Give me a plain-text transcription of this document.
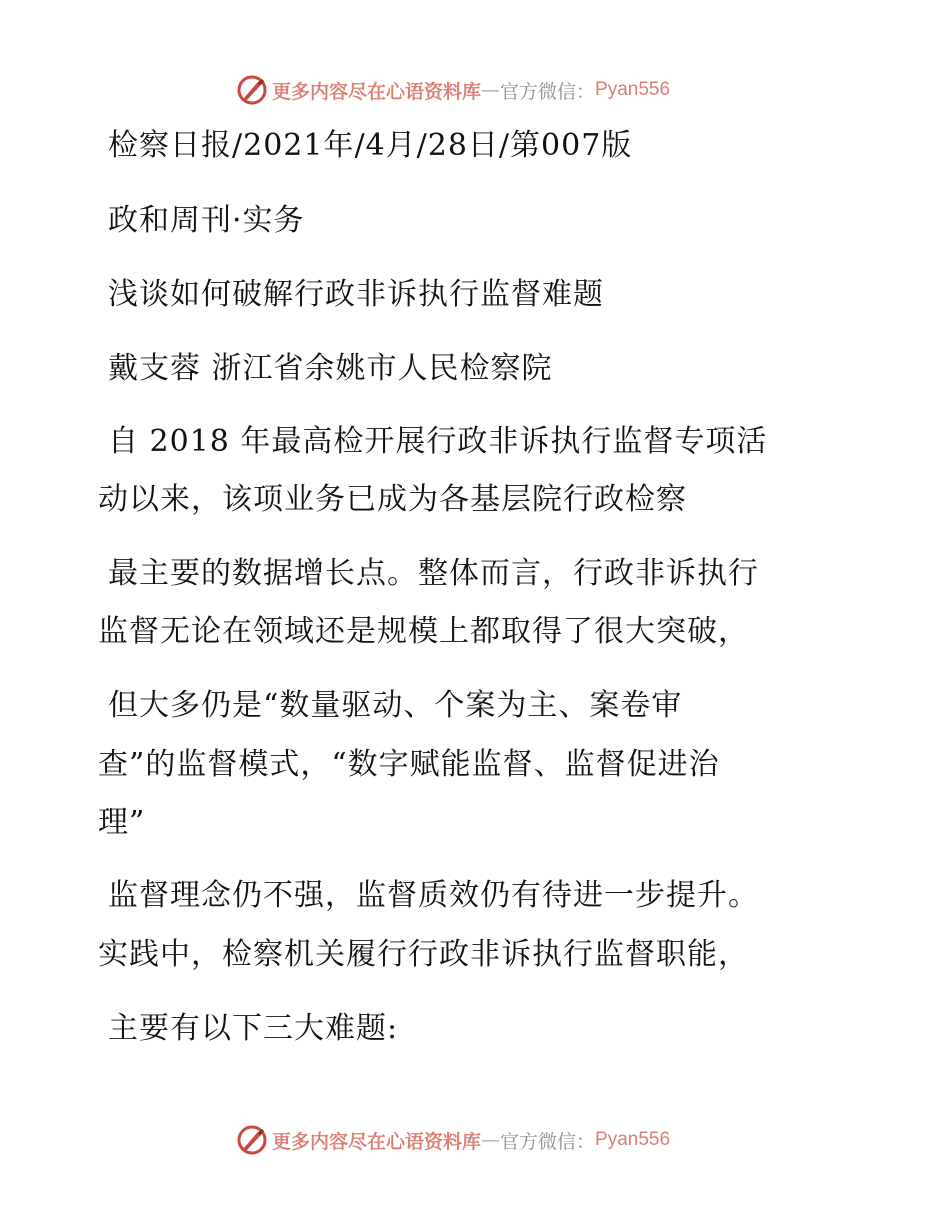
更多内容尽在心语资料库 — 官方微信： Pyan556
检察日报/2021年/4月/28日/第007版
政和周刊·实务
浅谈如何破解行政非诉执行监督难题
戴支蓉 浙江省余姚市人民检察院
自 2018 年最高检开展行政非诉执行监督专项活
动以来，该项业务已成为各基层院行政检察
最主要的数据增长点。整体而言，行政非诉执行
监督无论在领域还是规模上都取得了很大突破，
但大多仍是“数量驱动、个案为主、案卷审
查”的监督模式，“数字赋能监督、监督促进治
理”
监督理念仍不强，监督质效仍有待进一步提升。
实践中，检察机关履行行政非诉执行监督职能，
主要有以下三大难题:
更多内容尽在心语资料库 — 官方微信： Pyan556
